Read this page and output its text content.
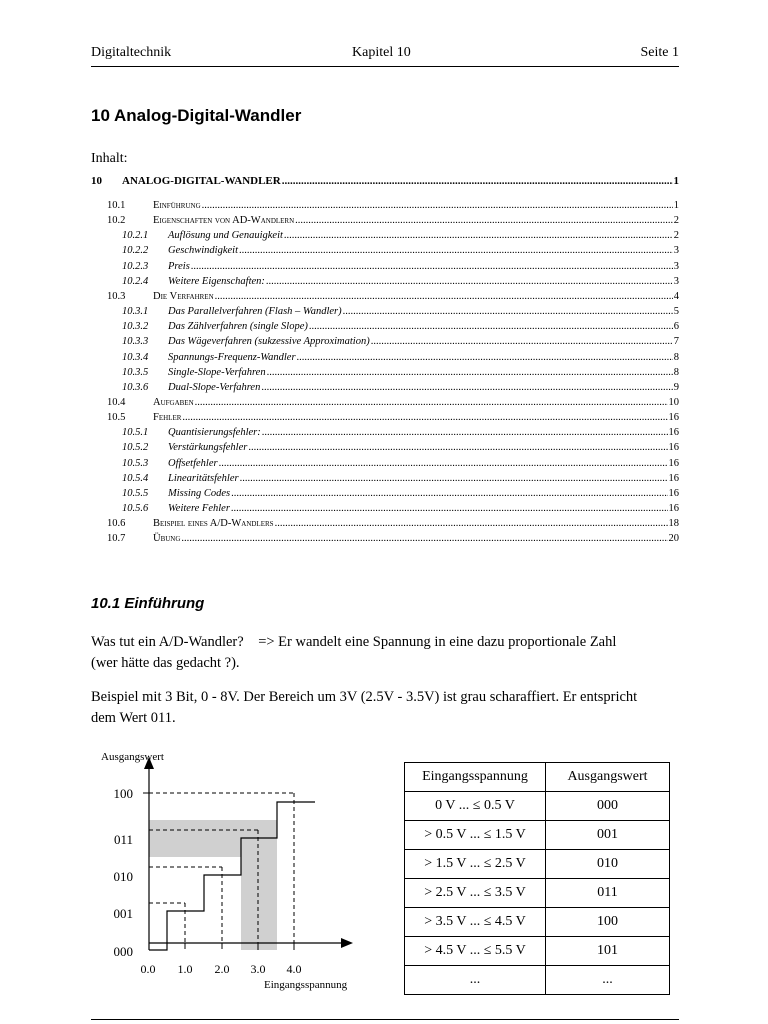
Digitaltechnik	Kapitel 10	Seite 1
10 Analog-Digital-Wandler
Inhalt:
10	ANALOG-DIGITAL-WANDLER .....	1
10.1	Einführung .....	1
10.2	Eigenschaften von AD-Wandlern .....	2
10.2.1	Auflösung und Genauigkeit .....	2
10.2.2	Geschwindigkeit .....	3
10.2.3	Preis .....	3
10.2.4	Weitere Eigenschaften: .....	3
10.3	Die Verfahren .....	4
10.3.1	Das Parallelverfahren (Flash – Wandler) .....	5
10.3.2	Das Zählverfahren (single Slope) .....	6
10.3.3	Das Wägeverfahren (sukzessive Approximation) .....	7
10.3.4	Spannungs-Frequenz-Wandler .....	8
10.3.5	Single-Slope-Verfahren .....	8
10.3.6	Dual-Slope-Verfahren .....	9
10.4	Aufgaben .....	10
10.5	Fehler .....	16
10.5.1	Quantisierungsfehler: .....	16
10.5.2	Verstärkungsfehler .....	16
10.5.3	Offsetfehler .....	16
10.5.4	Linearitätsfehler .....	16
10.5.5	Missing Codes .....	16
10.5.6	Weitere Fehler .....	16
10.6	Beispiel eines A/D-Wandlers .....	18
10.7	Übung .....	20
10.1 Einführung
Was tut ein A/D-Wandler?    => Er wandelt eine Spannung in eine dazu proportionale Zahl
(wer hätte das gedacht ?).
Beispiel mit 3 Bit, 0 - 8V. Der Bereich um 3V (2.5V - 3.5V) ist grau scharaffiert. Er entspricht
dem Wert 011.
Ausgangswert
100
011
010
001
000
0.0 1.0 2.0 3.0 4.0
Eingangsspannung
Eingangsspannung	Ausgangswert
0 V ... ≤ 0.5 V	000
> 0.5 V ... ≤ 1.5 V	001
> 1.5 V ... ≤ 2.5 V	010
> 2.5 V ... ≤ 3.5 V	011
> 3.5 V ... ≤ 4.5 V	100
> 4.5 V ... ≤ 5.5 V	101
...	...
